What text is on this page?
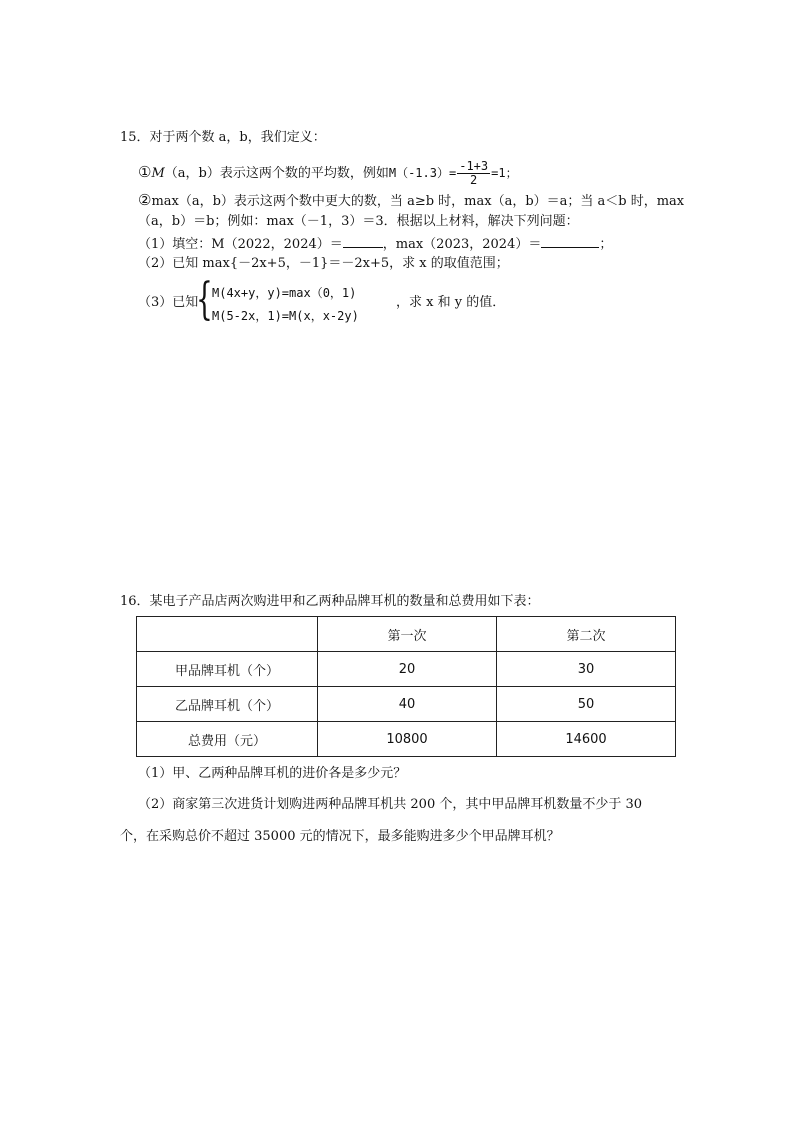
15．对于两个数 a，b，我们定义：
①M（a，b）表示这两个数的平均数，例如$M(-1.3)= \frac{-1+3}{2} =1$；
②max（a，b）表示这两个数中更大的数，当 a≥b 时，max（a，b）＝a；当 a＜b 时，max
（a，b）＝b；例如：max（－1，3）＝3．根据以上材料，解决下列问题：
（1）填空：M（2022，2024）＝	，max（2023，2024）＝	；
（2）已知 max{－2x+5，－1}＝－2x+5，求 x 的取值范围；
（3）已知
{ M(4x+y，y)=max（0，1)
M(5-2x，1)=M(x，x-2y)
，求 x 和 y 的值．
16．某电子产品店两次购进甲和乙两种品牌耳机的数量和总费用如下表：
	第一次	第二次
甲品牌耳机（个）	20	30
乙品牌耳机（个）	40	50
总费用（元）	10800	14600
（1）甲、乙两种品牌耳机的进价各是多少元？
（2）商家第三次进货计划购进两种品牌耳机共 200 个，其中甲品牌耳机数量不少于 30
个，在采购总价不超过 35000 元的情况下，最多能购进多少个甲品牌耳机？
